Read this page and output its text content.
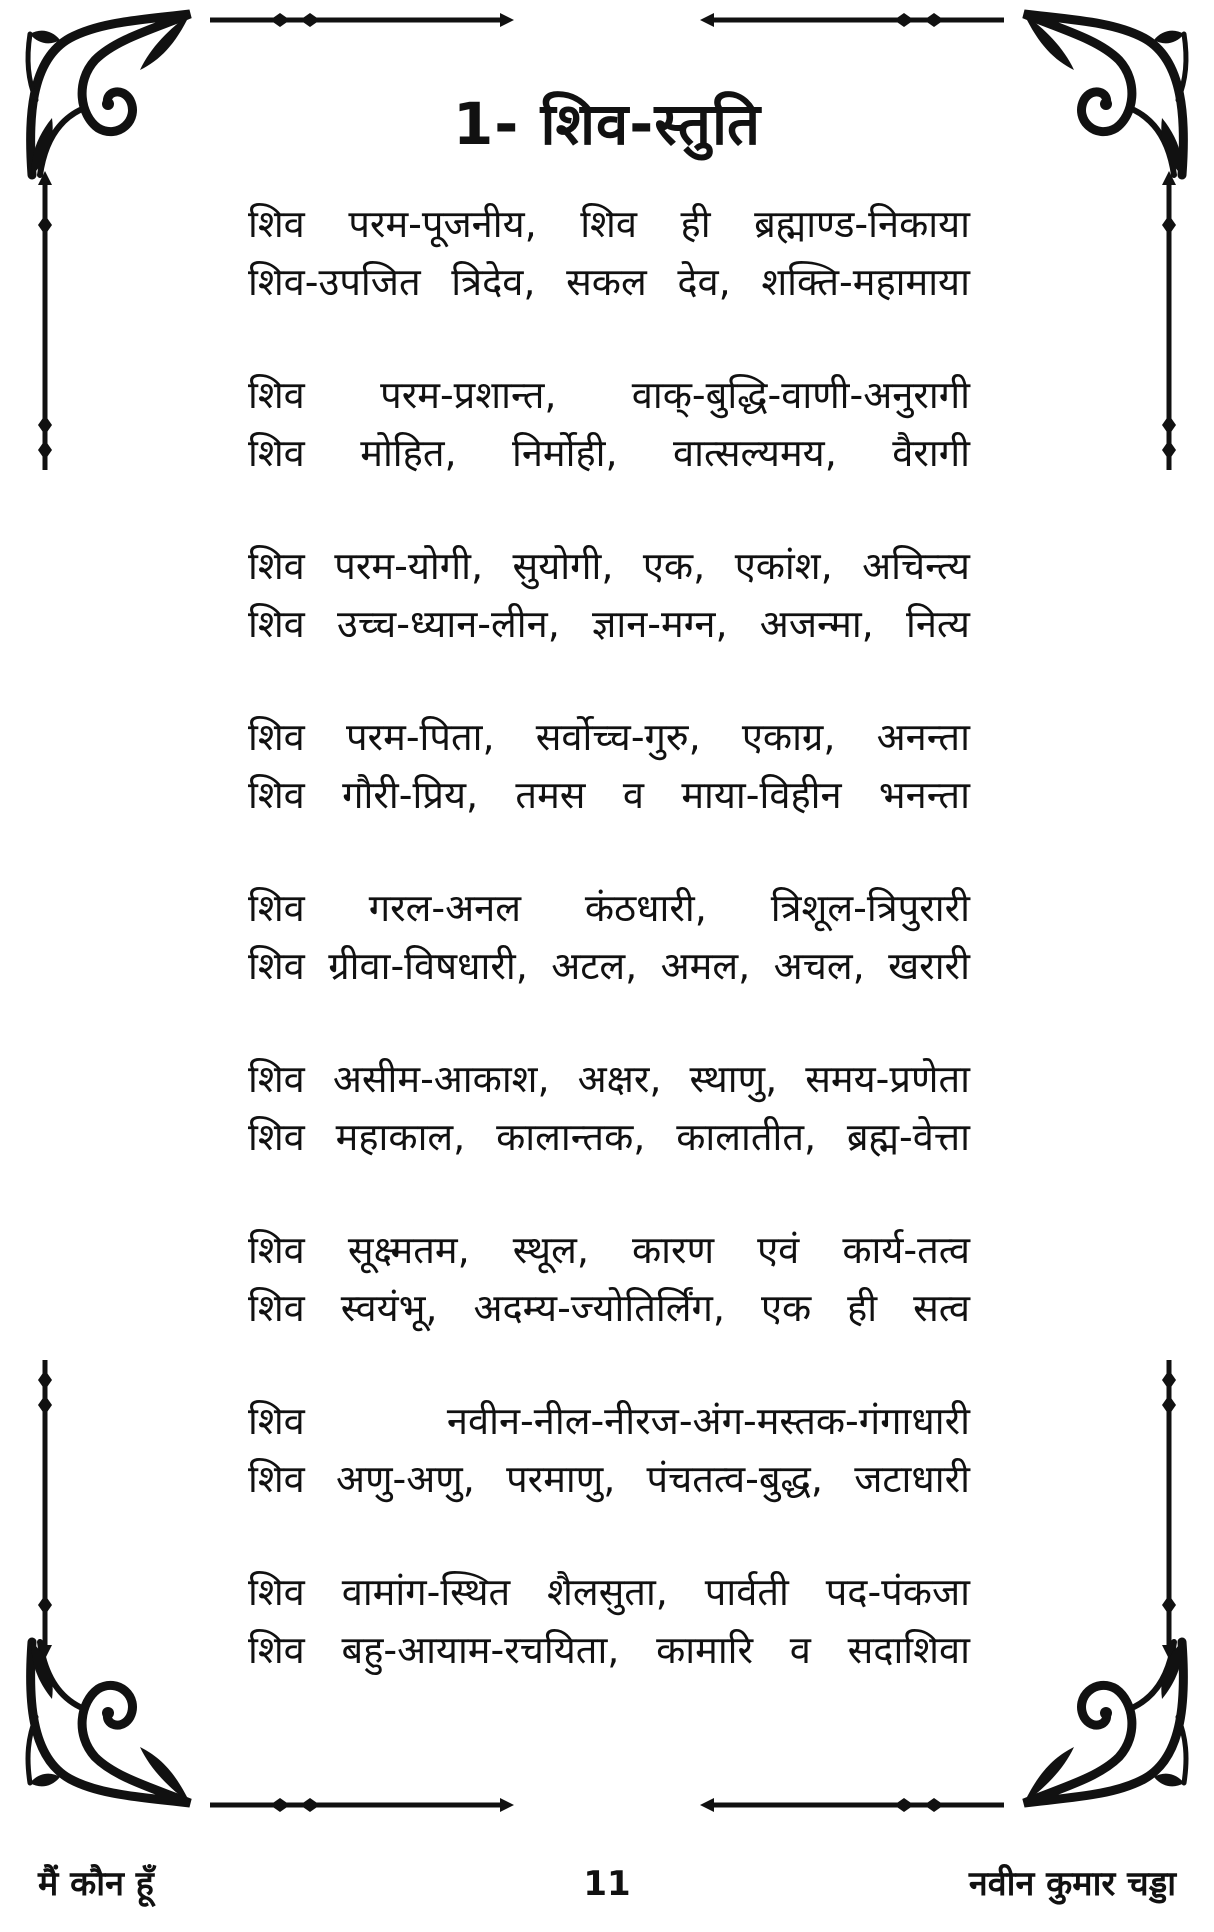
1- शिव-स्तुति
शिव परम-पूजनीय, शिव ही ब्रह्माण्ड-निकाया
शिव-उपजित त्रिदेव, सकल देव, शक्ति-महामाया
शिव परम-प्रशान्त, वाक्-बुद्धि-वाणी-अनुरागी
शिव मोहित, निर्मोही, वात्सल्यमय, वैरागी
शिव परम-योगी, सुयोगी, एक, एकांश, अचिन्त्य
शिव उच्च-ध्यान-लीन, ज्ञान-मग्न, अजन्मा, नित्य
शिव परम-पिता, सर्वोच्च-गुरु, एकाग्र, अनन्ता
शिव गौरी-प्रिय, तमस व माया-विहीन भनन्ता
शिव गरल-अनल कंठधारी, त्रिशूल-त्रिपुरारी
शिव ग्रीवा-विषधारी, अटल, अमल, अचल, खरारी
शिव असीम-आकाश, अक्षर, स्थाणु, समय-प्रणेता
शिव महाकाल, कालान्तक, कालातीत, ब्रह्म-वेत्ता
शिव सूक्ष्मतम, स्थूल, कारण एवं कार्य-तत्व
शिव स्वयंभू, अदम्य-ज्योतिर्लिंग, एक ही सत्व
शिव	नवीन-नील-नीरज-अंग-मस्तक-गंगाधारी
शिव अणु-अणु, परमाणु, पंचतत्व-बुद्ध, जटाधारी
शिव वामांग-स्थित शैलसुता, पार्वती पद-पंकजा
शिव बहु-आयाम-रचयिता, कामारि व सदाशिवा
मैं कौन हूँ	11	नवीन कुमार चड्डा
